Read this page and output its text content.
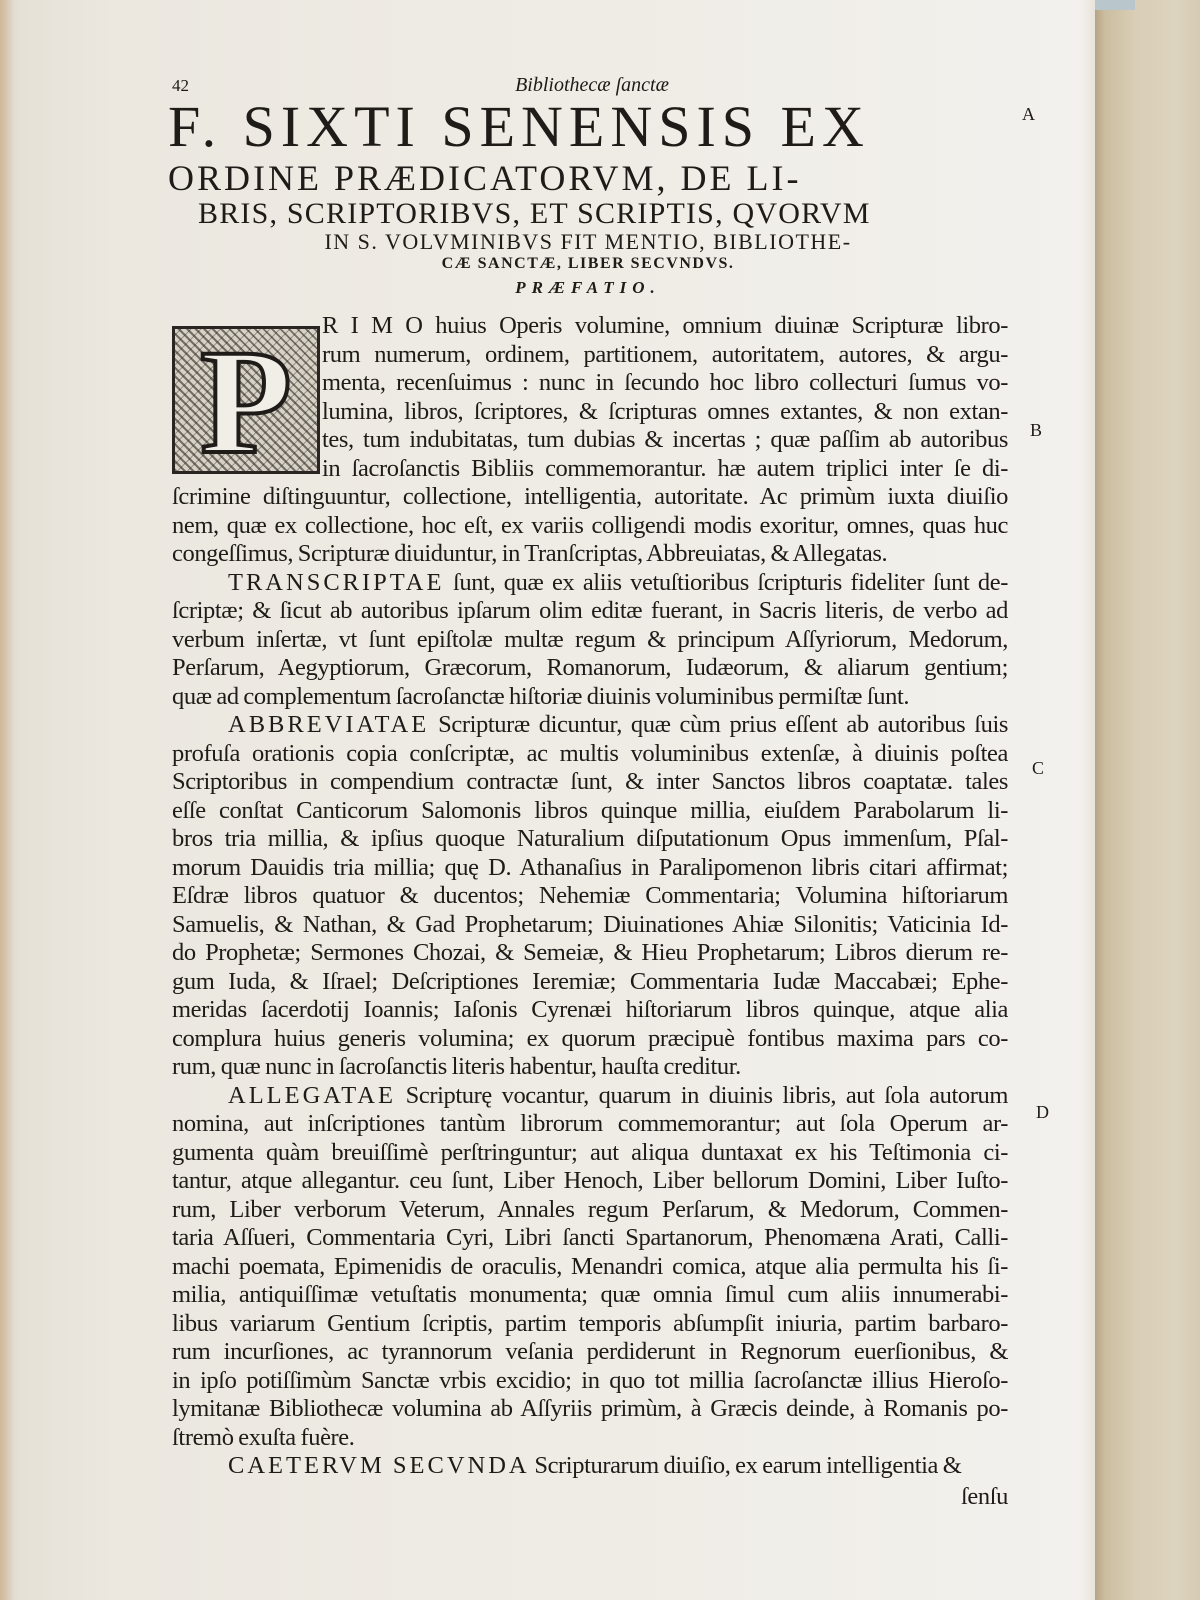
42	Bibliothecæ ſanctæ
F. SIXTI SENENSIS EX
ORDINE PRÆDICATORVM, DE LI-
BRIS, SCRIPTORIBVS, ET SCRIPTIS, QVORVM
IN S. VOLVMINIBVS FIT MENTIO, BIBLIOTHE-
CÆ SANCTÆ, LIBER SECVNDVS.
A
B
C
D
PRÆFATIO.
P R I M O huius Operis volumine, omnium diuinæ Scripturæ libro-
rum numerum, ordinem, partitionem, autoritatem, autores, & argu-
menta, recenſuimus : nunc in ſecundo hoc libro collecturi ſumus vo-
lumina, libros, ſcriptores, & ſcripturas omnes extantes, & non extan-
tes, tum indubitatas, tum dubias & incertas ; quæ paſſim ab autoribus
in ſacroſanctis Bibliis commemorantur. hæ autem triplici inter ſe di-
ſcrimine diſtinguuntur, collectione, intelligentia, autoritate. Ac primùm iuxta diuiſio
nem, quæ ex collectione, hoc eſt, ex variis colligendi modis exoritur, omnes, quas huc
congeſſimus, Scripturæ diuiduntur, in Tranſcriptas, Abbreuiatas, & Allegatas.
TRANSCRIPTAE ſunt, quæ ex aliis vetuſtioribus ſcripturis fideliter ſunt de-
ſcriptæ; & ſicut ab autoribus ipſarum olim editæ fuerant, in Sacris literis, de verbo ad
verbum inſertæ, vt ſunt epiſtolæ multæ regum & principum Aſſyriorum, Medorum,
Perſarum, Aegyptiorum, Græcorum, Romanorum, Iudæorum, & aliarum gentium;
quæ ad complementum ſacroſanctæ hiſtoriæ diuinis voluminibus permiſtæ ſunt.
ABBREVIATAE Scripturæ dicuntur, quæ cùm prius eſſent ab autoribus ſuis
profuſa orationis copia conſcriptæ, ac multis voluminibus extenſæ, à diuinis poſtea
Scriptoribus in compendium contractæ ſunt, & inter Sanctos libros coaptatæ. tales
eſſe conſtat Canticorum Salomonis libros quinque millia, eiuſdem Parabolarum li-
bros tria millia, & ipſius quoque Naturalium diſputationum Opus immenſum, Pſal-
morum Dauidis tria millia; quę D. Athanaſius in Paralipomenon libris citari affirmat;
Eſdræ libros quatuor & ducentos; Nehemiæ Commentaria; Volumina hiſtoriarum
Samuelis, & Nathan, & Gad Prophetarum; Diuinationes Ahiæ Silonitis; Vaticinia Id-
do Prophetæ; Sermones Chozai, & Semeiæ, & Hieu Prophetarum; Libros dierum re-
gum Iuda, & Iſrael; Deſcriptiones Ieremiæ; Commentaria Iudæ Maccabæi; Ephe-
meridas ſacerdotij Ioannis; Iaſonis Cyrenæi hiſtoriarum libros quinque, atque alia
complura huius generis volumina; ex quorum præcipuè fontibus maxima pars co-
rum, quæ nunc in ſacroſanctis literis habentur, hauſta creditur.
ALLEGATAE Scripturę vocantur, quarum in diuinis libris, aut ſola autorum
nomina, aut inſcriptiones tantùm librorum commemorantur; aut ſola Operum ar-
gumenta quàm breuiſſimè perſtringuntur; aut aliqua duntaxat ex his Teſtimonia ci-
tantur, atque allegantur. ceu ſunt, Liber Henoch, Liber bellorum Domini, Liber Iuſto-
rum, Liber verborum Veterum, Annales regum Perſarum, & Medorum, Commen-
taria Aſſueri, Commentaria Cyri, Libri ſancti Spartanorum, Phenomæna Arati, Calli-
machi poemata, Epimenidis de oraculis, Menandri comica, atque alia permulta his ſi-
milia, antiquiſſimæ vetuſtatis monumenta; quæ omnia ſimul cum aliis innumerabi-
libus variarum Gentium ſcriptis, partim temporis abſumpſit iniuria, partim barbaro-
rum incurſiones, ac tyrannorum veſania perdiderunt in Regnorum euerſionibus, &
in ipſo potiſſimùm Sanctæ vrbis excidio; in quo tot millia ſacroſanctæ illius Hieroſo-
lymitanæ Bibliothecæ volumina ab Aſſyriis primùm, à Græcis deinde, à Romanis po-
ſtremò exuſta fuère.
CAETERVM SECVNDA Scripturarum diuiſio, ex earum intelligentia &
ſenſu
